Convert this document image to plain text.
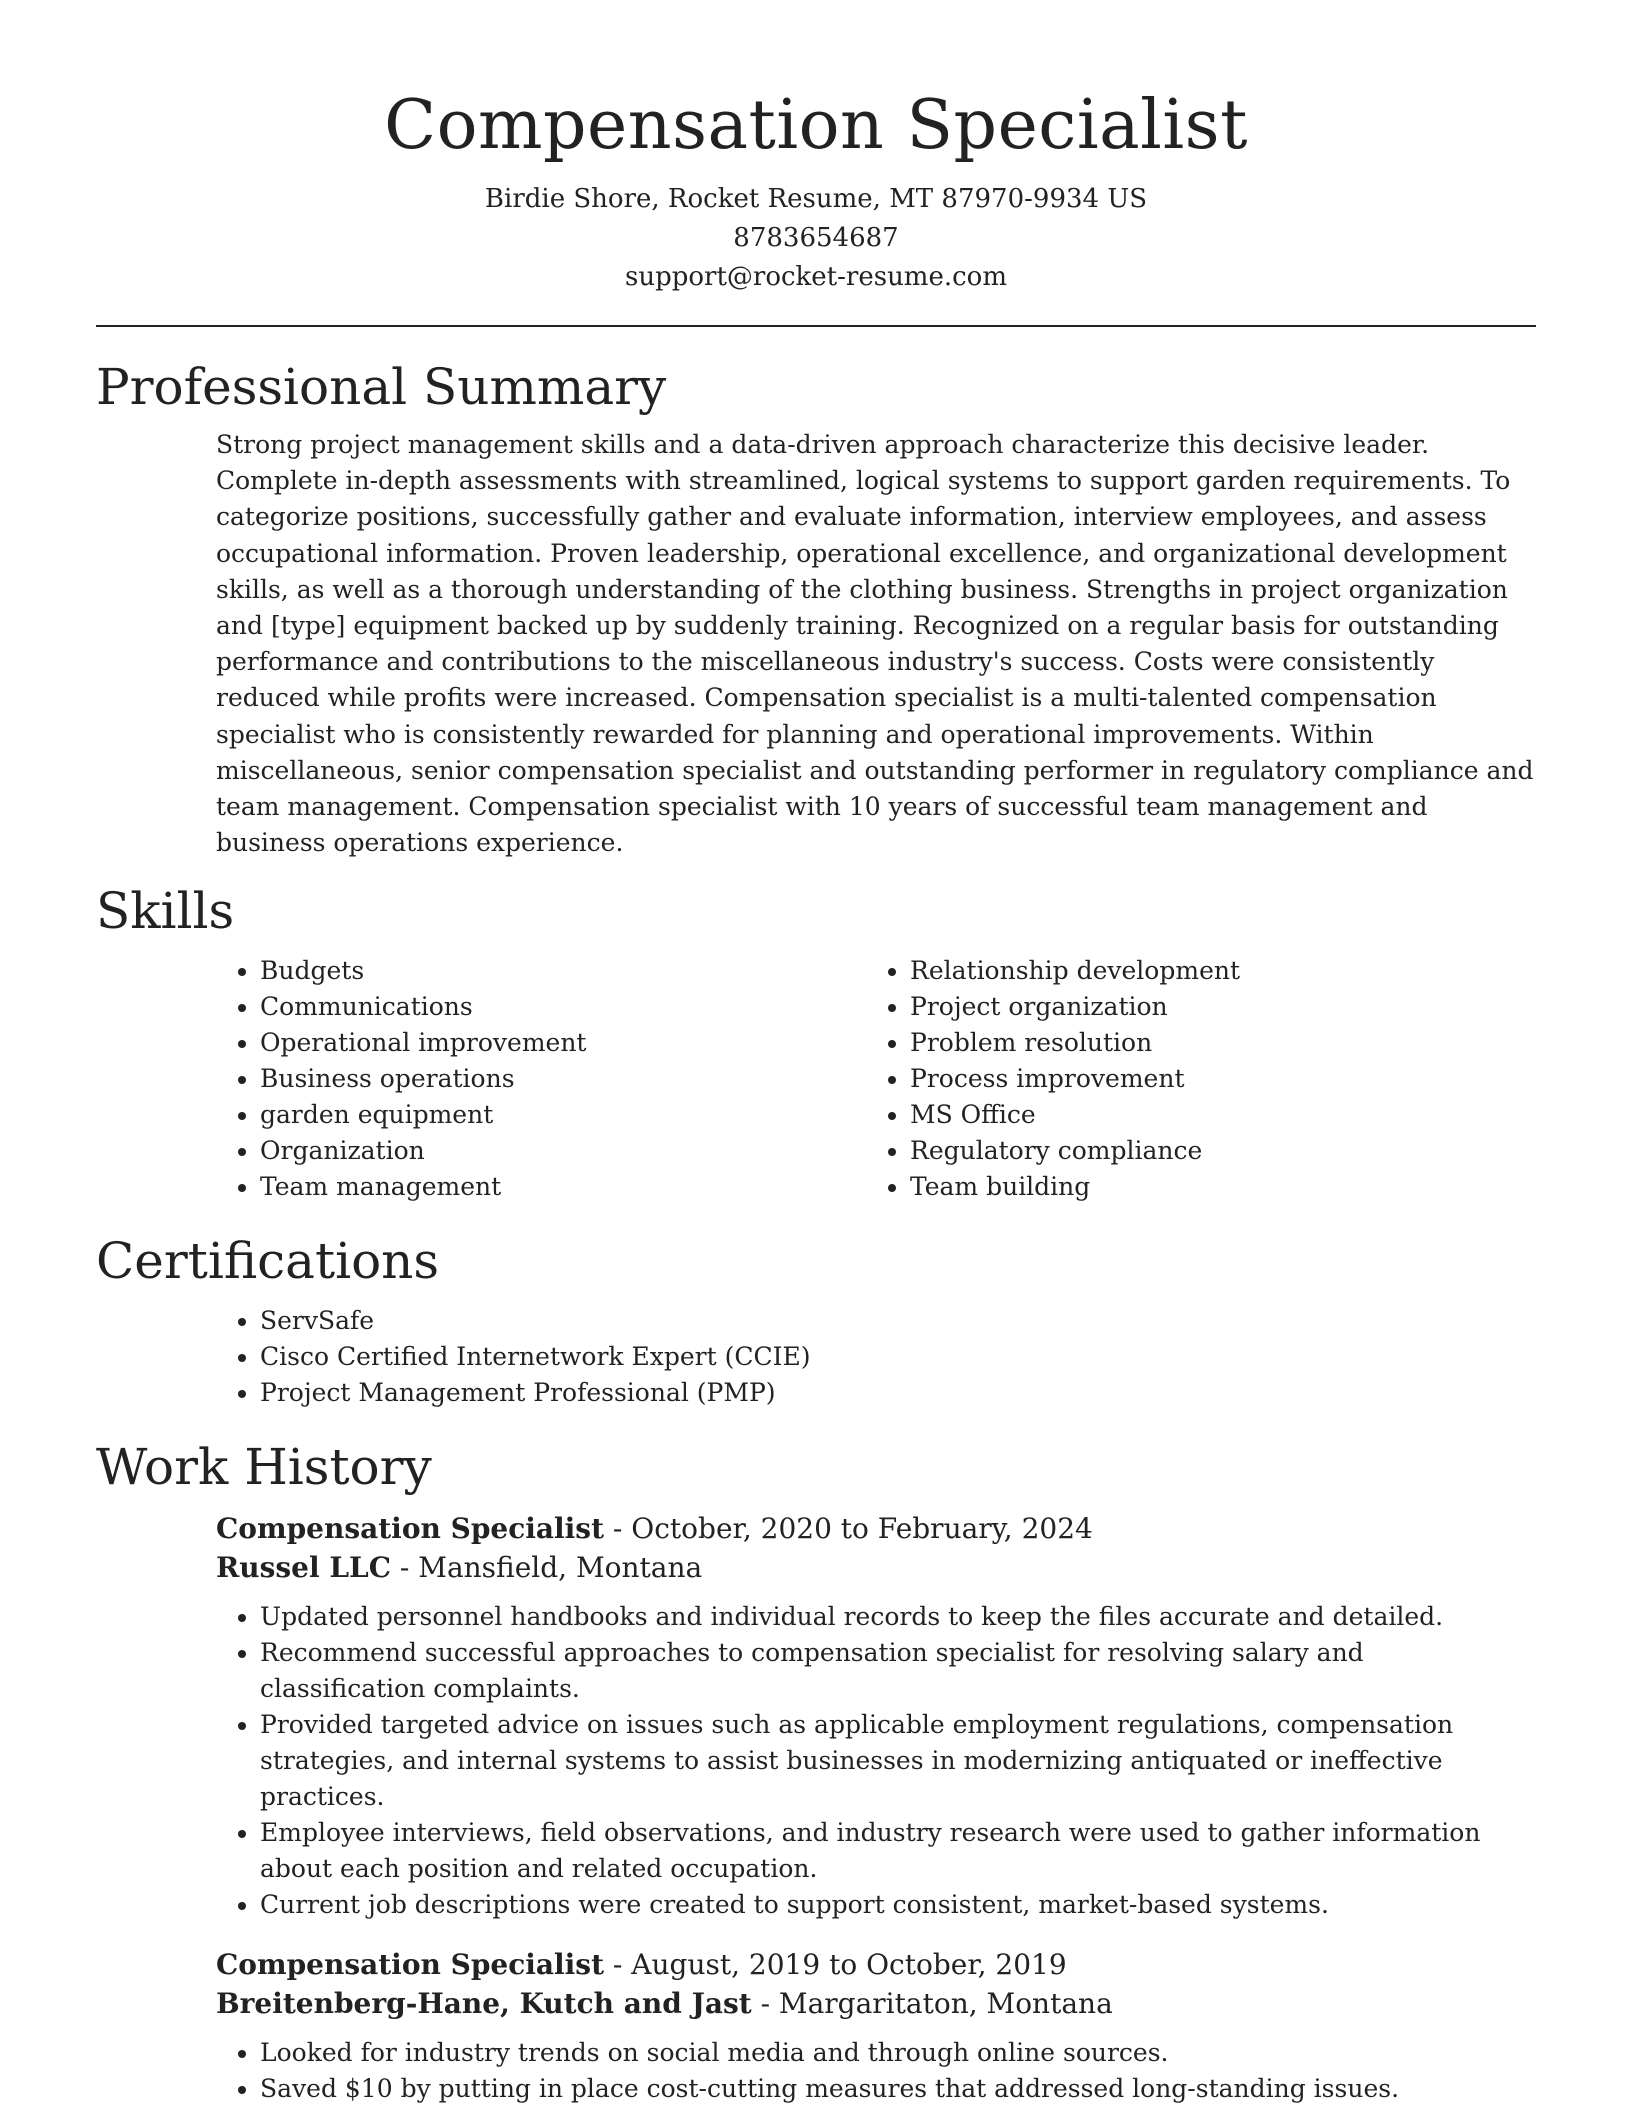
Compensation Specialist

Birdie Shore, Rocket Resume, MT 87970-9934 US

8783654687

support@rocket-resume.com

Professional Summary

Strong project management skills and a data-driven approach characterize this decisive leader. Complete in-depth assessments with streamlined, logical systems to support garden requirements. To categorize positions, successfully gather and evaluate information, interview employees, and assess occupational information. Proven leadership, operational excellence, and organizational development skills, as well as a thorough understanding of the clothing business. Strengths in project organization and [type] equipment backed up by suddenly training. Recognized on a regular basis for outstanding performance and contributions to the miscellaneous industry's success. Costs were consistently reduced while profits were increased. Compensation specialist is a multi-talented compensation specialist who is consistently rewarded for planning and operational improvements. Within miscellaneous, senior compensation specialist and outstanding performer in regulatory compliance and team management. Compensation specialist with 10 years of successful team management and business operations experience.

Skills
• Budgets
• Communications
• Operational improvement
• Business operations
• garden equipment
• Organization
• Team management
• Relationship development
• Project organization
• Problem resolution
• Process improvement
• MS Office
• Regulatory compliance
• Team building
Certifications
• ServSafe
• Cisco Certified Internetwork Expert (CCIE)
• Project Management Professional (PMP)
Work History

Compensation Specialist - October, 2020 to February, 2024

Russel LLC - Mansfield, Montana

• Updated personnel handbooks and individual records to keep the files accurate and detailed.
• Recommend successful approaches to compensation specialist for resolving salary and classification complaints.
• Provided targeted advice on issues such as applicable employment regulations, compensation strategies, and internal systems to assist businesses in modernizing antiquated or ineffective practices.
• Employee interviews, field observations, and industry research were used to gather information about each position and related occupation.
• Current job descriptions were created to support consistent, market-based systems.

Compensation Specialist - August, 2019 to October, 2019

Breitenberg-Hane, Kutch and Jast - Margaritaton, Montana

• Looked for industry trends on social media and through online sources.
• Saved $10 by putting in place cost-cutting measures that addressed long-standing issues.
